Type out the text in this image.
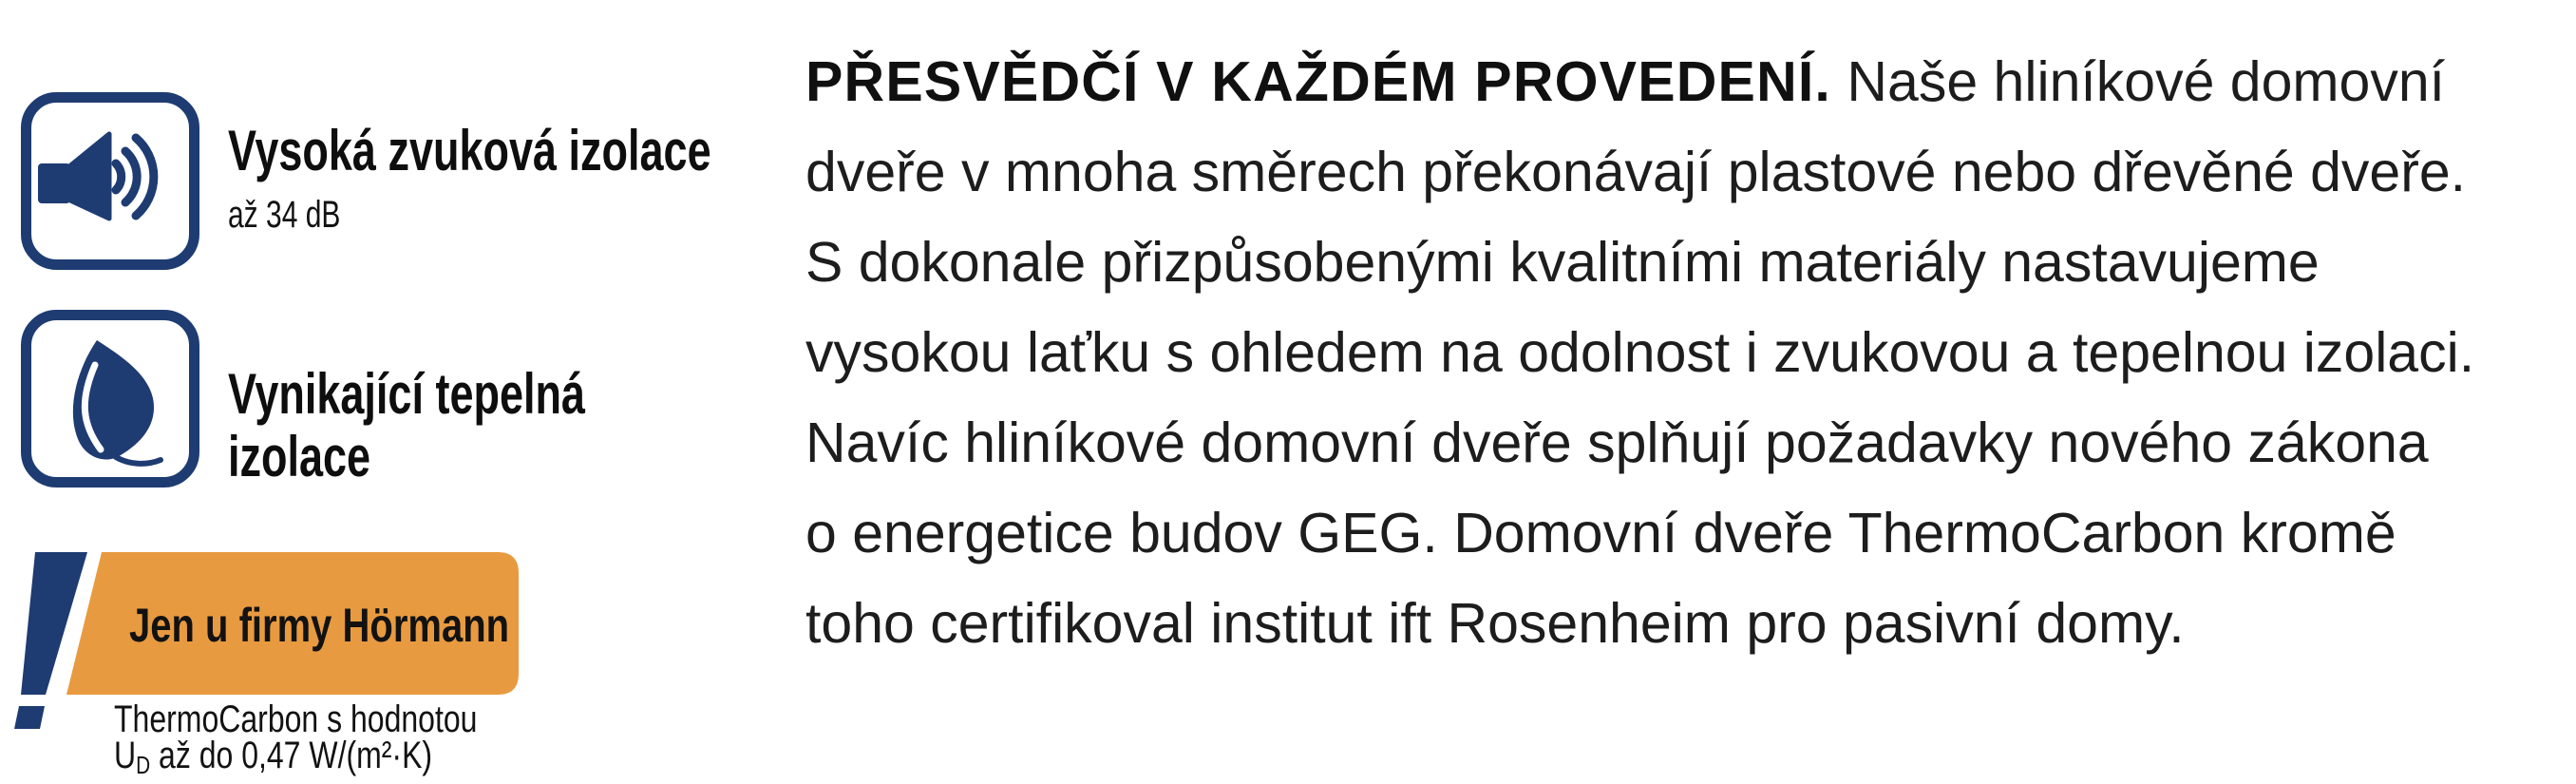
Vysoká zvuková izolace
až 34 dB
Vynikající tepelná
izolace
Jen u firmy Hörmann
ThermoCarbon s hodnotou
$U_D$ až do 0,47 W/(m²·K)
PŘESVĚDČÍ V KAŽDÉM PROVEDENÍ. Naše hliníkové domovní
dveře v mnoha směrech překonávají plastové nebo dřevěné dveře.
S dokonale přizpůsobenými kvalitními materiály nastavujeme
vysokou laťku s ohledem na odolnost i zvukovou a tepelnou izolaci.
Navíc hliníkové domovní dveře splňují požadavky nového zákona
o energetice budov GEG. Domovní dveře ThermoCarbon kromě
toho certifikoval institut ift Rosenheim pro pasivní domy.
